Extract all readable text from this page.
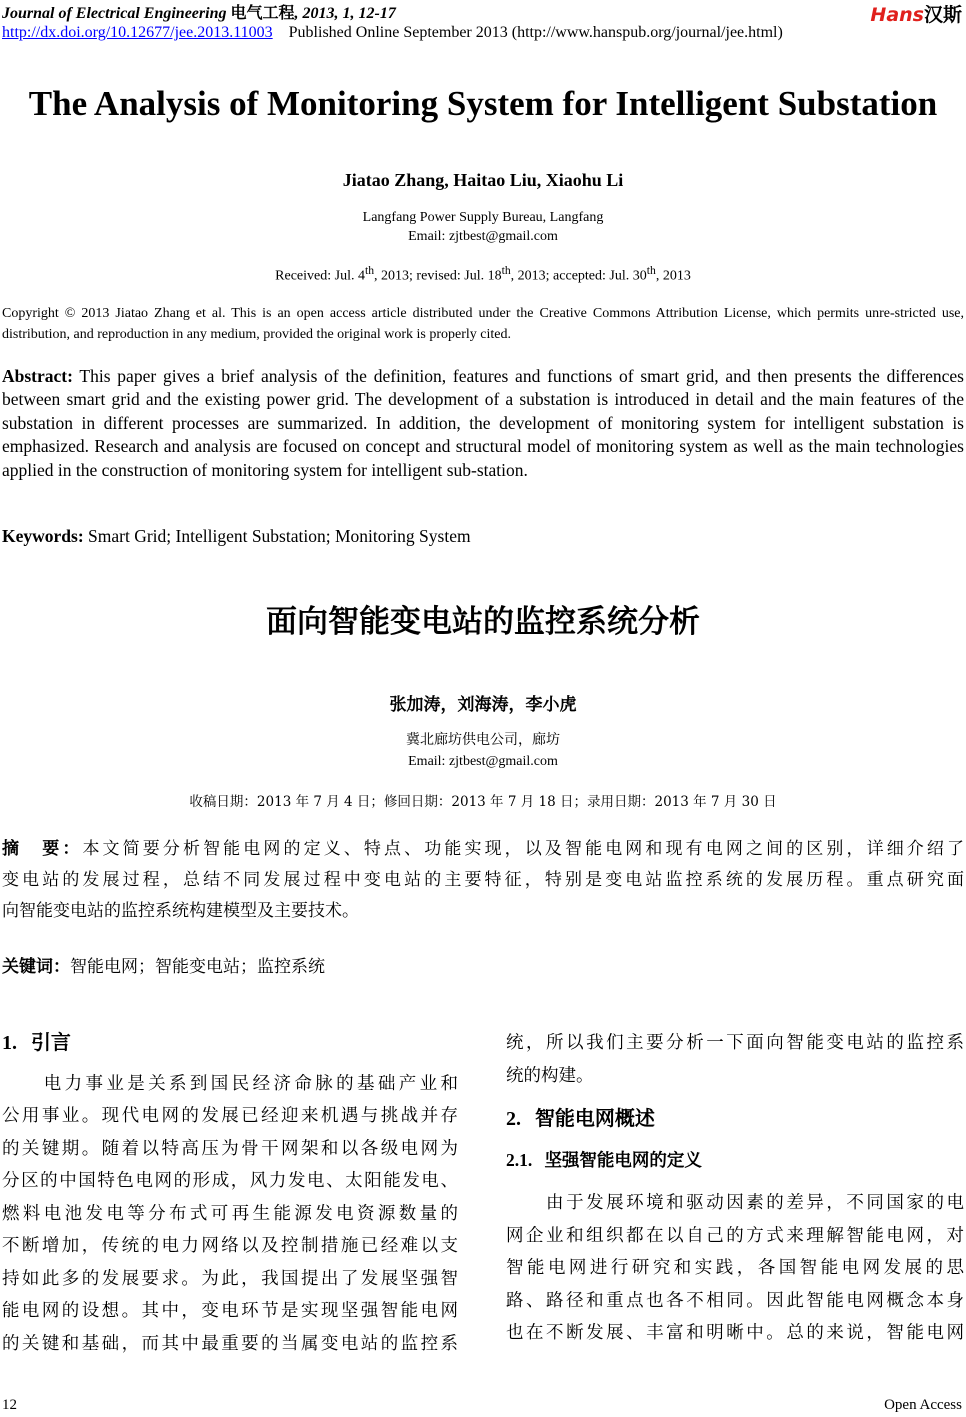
Journal of Electrical Engineering 电气工程, 2013, 1, 12-17
http://dx.doi.org/10.12677/jee.2013.11003 Published Online September 2013 (http://www.hanspub.org/journal/jee.html)
Hans汉斯
The Analysis of Monitoring System for Intelligent Substation
Jiatao Zhang, Haitao Liu, Xiaohu Li
Langfang Power Supply Bureau, Langfang
Email: zjtbest@gmail.com
Received: Jul. 4th, 2013; revised: Jul. 18th, 2013; accepted: Jul. 30th, 2013
Copyright © 2013 Jiatao Zhang et al. This is an open access article distributed under the Creative Commons Attribution License, which permits unre-stricted use, distribution, and reproduction in any medium, provided the original work is properly cited.
Abstract: This paper gives a brief analysis of the definition, features and functions of smart grid, and then presents the differences between smart grid and the existing power grid. The development of a substation is introduced in detail and the main features of the substation in different processes are summarized. In addition, the development of monitoring system for intelligent substation is emphasized. Research and analysis are focused on concept and structural model of monitoring system as well as the main technologies applied in the construction of monitoring system for intelligent sub-station.
Keywords: Smart Grid; Intelligent Substation; Monitoring System
面向智能变电站的监控系统分析
张加涛，刘海涛，李小虎
冀北廊坊供电公司，廊坊
Email: zjtbest@gmail.com
收稿日期：2013 年 7 月 4 日；修回日期：2013 年 7 月 18 日；录用日期：2013 年 7 月 30 日
摘　要：本文简要分析智能电网的定义、特点、功能实现，以及智能电网和现有电网之间的区别，详细介绍了
变电站的发展过程，总结不同发展过程中变电站的主要特征，特别是变电站监控系统的发展历程。重点研究面
向智能变电站的监控系统构建模型及主要技术。
关键词：智能电网；智能变电站；监控系统
1. 引言
　　电力事业是关系到国民经济命脉的基础产业和
公用事业。现代电网的发展已经迎来机遇与挑战并存
的关键期。随着以特高压为骨干网架和以各级电网为
分区的中国特色电网的形成，风力发电、太阳能发电、
燃料电池发电等分布式可再生能源发电资源数量的
不断增加，传统的电力网络以及控制措施已经难以支
持如此多的发展要求。为此，我国提出了发展坚强智
能电网的设想。其中，变电环节是实现坚强智能电网
的关键和基础，而其中最重要的当属变电站的监控系
统，所以我们主要分析一下面向智能变电站的监控系
统的构建。
2. 智能电网概述
2.1. 坚强智能电网的定义
　　由于发展环境和驱动因素的差异，不同国家的电
网企业和组织都在以自己的方式来理解智能电网，对
智能电网进行研究和实践，各国智能电网发展的思
路、路径和重点也各不相同。因此智能电网概念本身
也在不断发展、丰富和明晰中。总的来说，智能电网
12	Open Access
